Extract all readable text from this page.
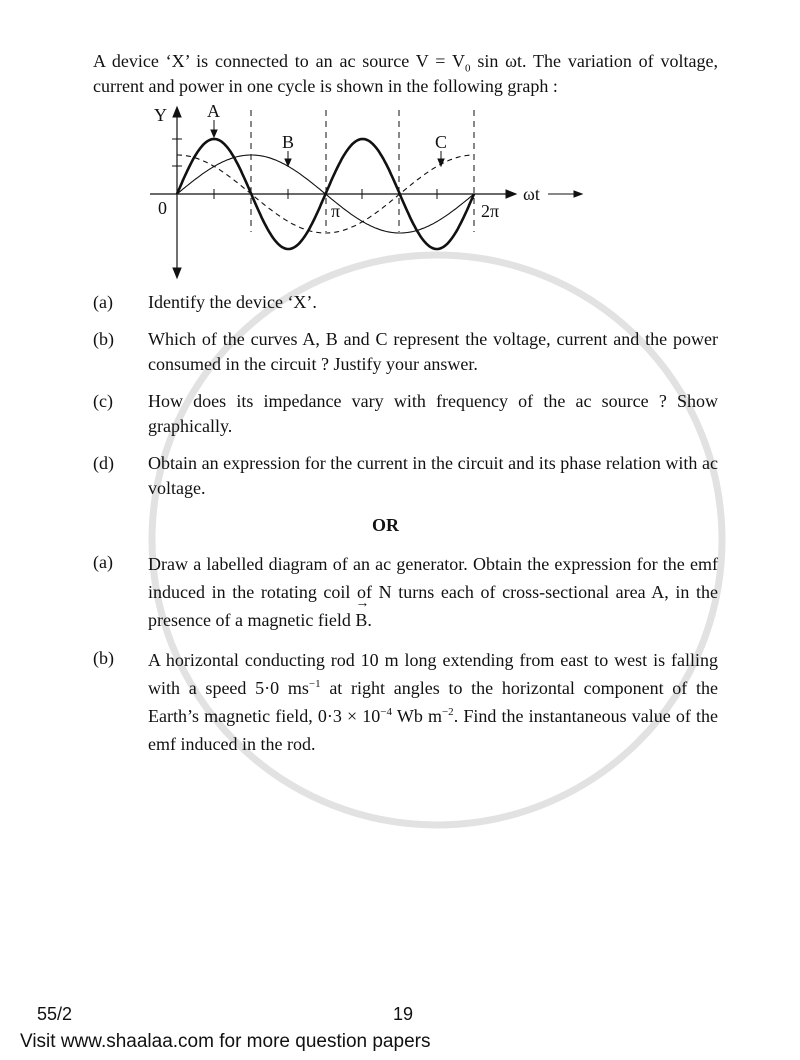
A device ‘X’ is connected to an ac source $V = V_0$ sin ωt. The variation of voltage, current and power in one cycle is shown in the following graph :
Y A
B	C
0	π	2π
ωt
(a)	Identify the device ‘X’.
(b)	Which of the curves A, B and C represent the voltage, current and the power consumed in the circuit ? Justify your answer.
(c)	How does its impedance vary with frequency of the ac source ? Show graphically.
(d)	Obtain an expression for the current in the circuit and its phase relation with ac voltage.
OR
(a)	Draw a labelled diagram of an ac generator. Obtain the expression for the emf induced in the rotating coil of N turns each of cross-sectional area A, in the presence of a magnetic field → B.
(b)	A horizontal conducting rod 10 m long extending from east to west is falling with a speed 5·0 $ms^{-1}$ at right angles to the horizontal component of the Earth’s magnetic field, $0\cdot 3 \times 10^{-4}$ Wb $m^{-2}$. Find the instantaneous value of the emf induced in the rod.
55/2	19
Visit www.shaalaa.com for more question papers
